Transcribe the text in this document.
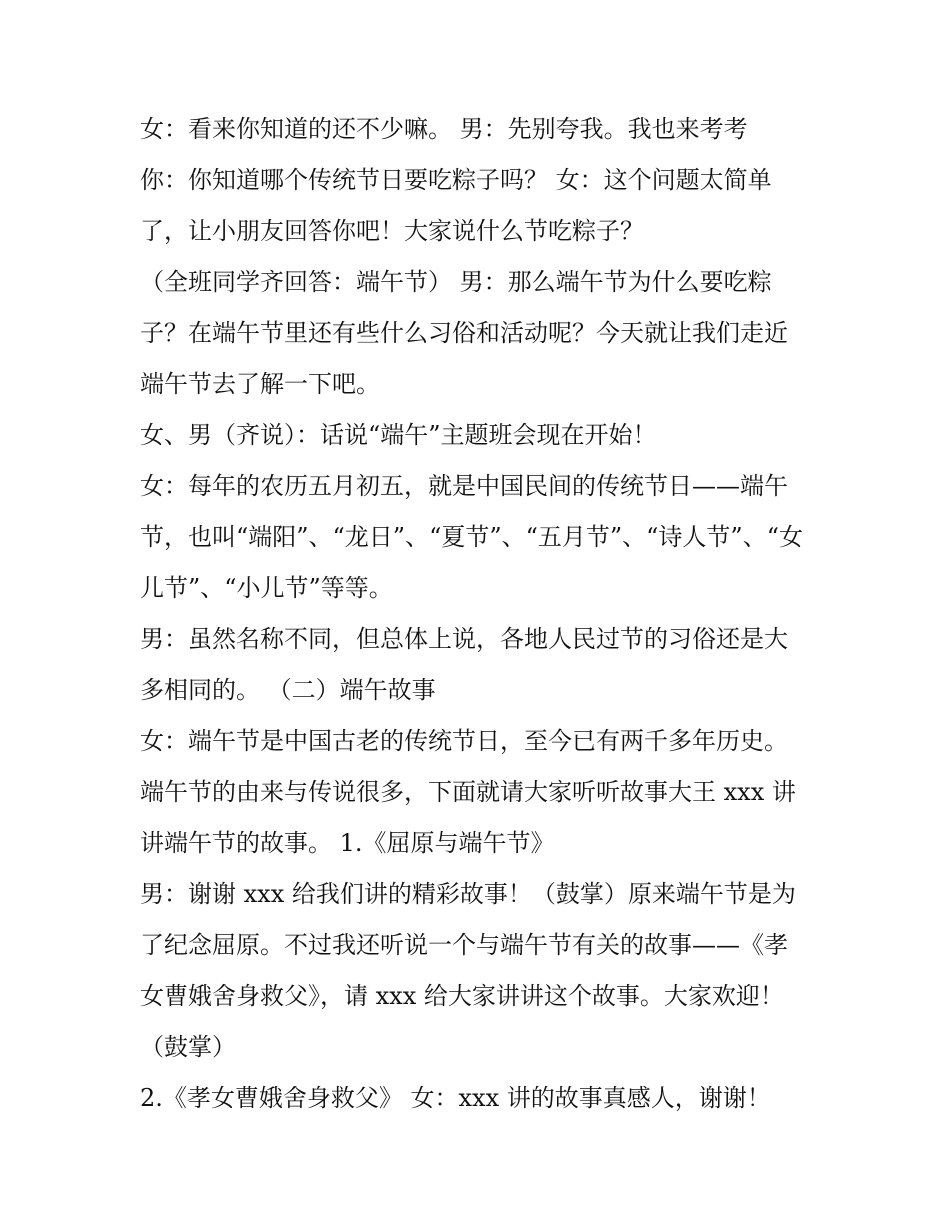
女：看来你知道的还不少嘛。 男：先别夸我。我也来考考
你：你知道哪个传统节日要吃粽子吗？ 女：这个问题太简单
了，让小朋友回答你吧！大家说什么节吃粽子？
（全班同学齐回答：端午节） 男：那么端午节为什么要吃粽
子？在端午节里还有些什么习俗和活动呢？今天就让我们走近
端午节去了解一下吧。
女、男（齐说）：话说“端午”主题班会现在开始！
女：每年的农历五月初五，就是中国民间的传统节日——端午
节，也叫“端阳”、“龙日”、“夏节”、“五月节”、“诗人节”、“女
儿节”、“小儿节”等等。
男：虽然名称不同，但总体上说，各地人民过节的习俗还是大
多相同的。 （二）端午故事
女：端午节是中国古老的传统节日，至今已有两千多年历史。
端午节的由来与传说很多，下面就请大家听听故事大王 xxx 讲
讲端午节的故事。 1.《屈原与端午节》
男：谢谢 xxx 给我们讲的精彩故事！（鼓掌）原来端午节是为
了纪念屈原。不过我还听说一个与端午节有关的故事——《孝
女曹娥舍身救父》，请 xxx 给大家讲讲这个故事。大家欢迎！
（鼓掌）
2.《孝女曹娥舍身救父》 女：xxx 讲的故事真感人，谢谢！
